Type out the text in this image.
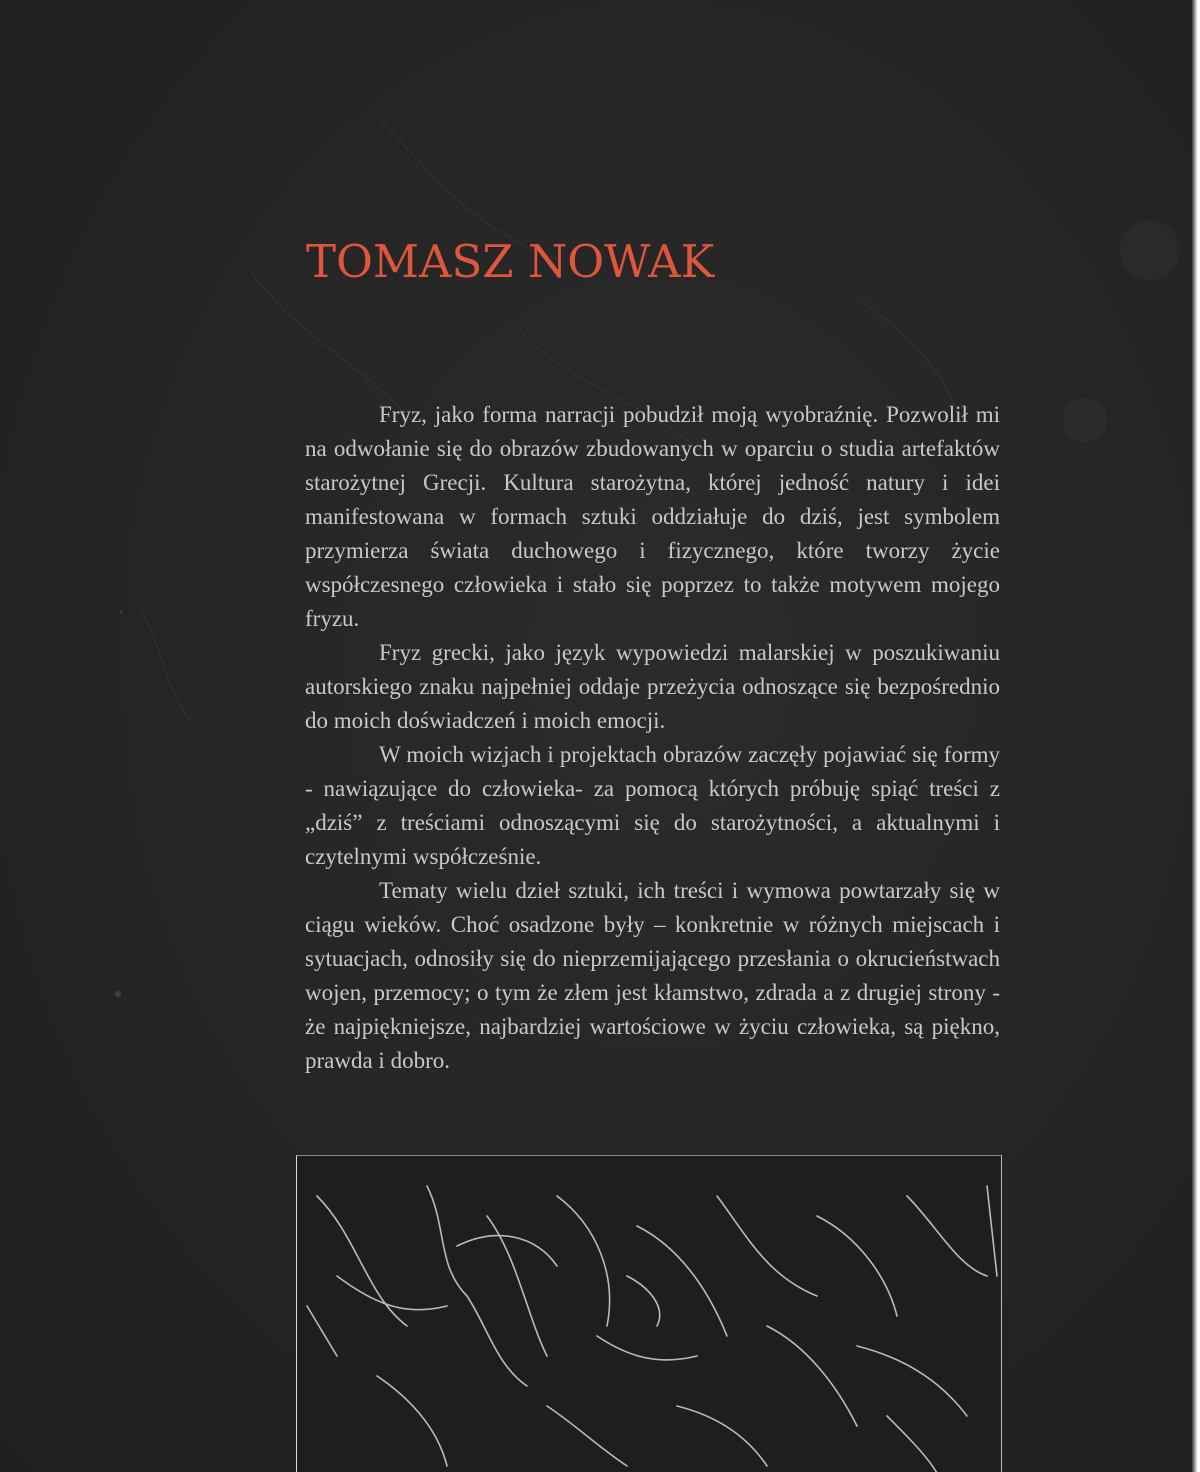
TOMASZ NOWAK

Fryz, jako forma narracji pobudził moją wyobraźnię. Pozwolił mi na odwołanie się do obrazów zbudowanych w oparciu o studia artefaktów starożytnej Grecji. Kultura starożytna, której jedność natury i idei manifestowana w formach sztuki oddziałuje do dziś, jest symbolem przymierza świata duchowego i fizycznego, które tworzy życie współczesnego człowieka i stało się poprzez to także motywem mojego fryzu.

Fryz grecki, jako język wypowiedzi malarskiej w poszukiwaniu autorskiego znaku najpełniej oddaje przeżycia odnoszące się bezpośrednio do moich doświadczeń i moich emocji.

W moich wizjach i projektach obrazów zaczęły pojawiać się formy - nawiązujące do człowieka- za pomocą których próbuję spiąć treści z „dziś” z treściami odnoszącymi się do starożytności, a aktualnymi i czytelnymi współcześnie.

Tematy wielu dzieł sztuki, ich treści i wymowa powtarzały się w ciągu wieków. Choć osadzone były – konkretnie w różnych miejscach i sytuacjach, odnosiły się do nieprzemijającego przesłania o okrucieństwach wojen, przemocy; o tym że złem jest kłamstwo, zdrada a z drugiej strony - że najpiękniejsze, najbardziej wartościowe w życiu człowieka, są piękno, prawda i dobro.
